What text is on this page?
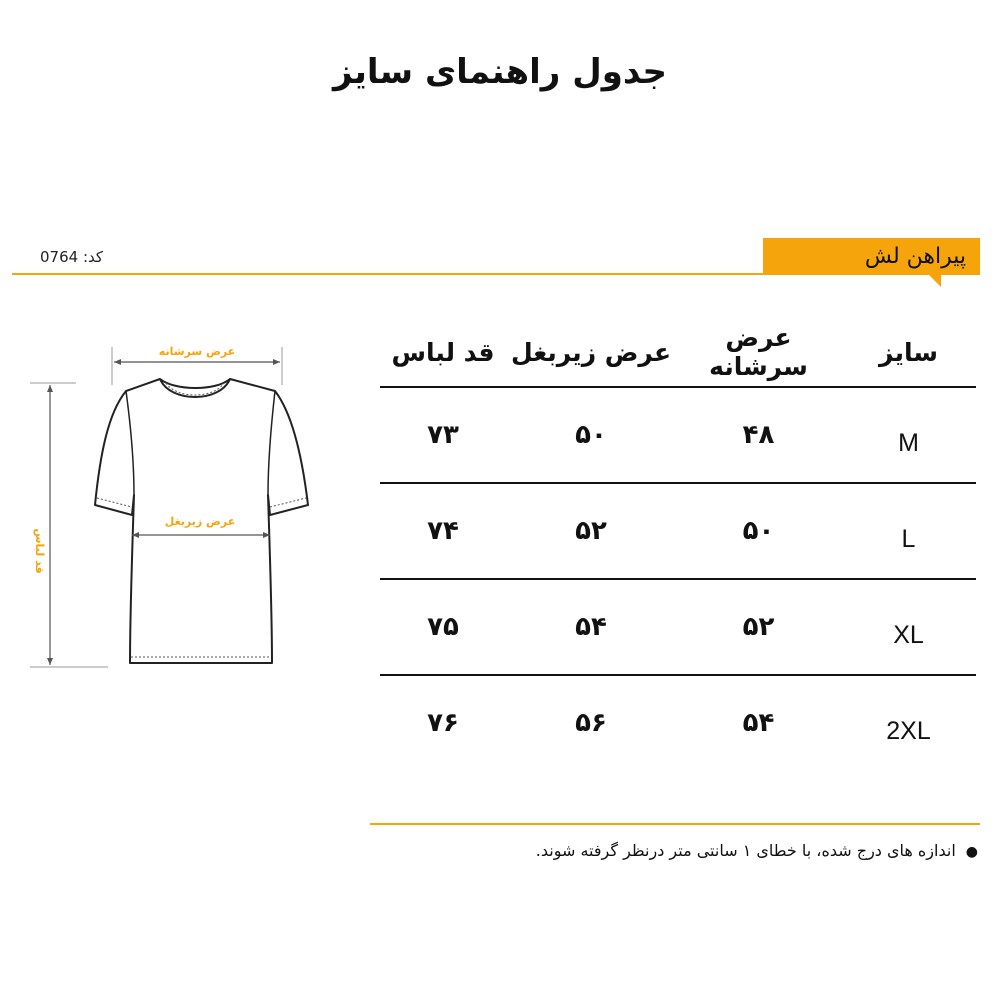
جدول راهنمای سایز
پیراهن لش
کد: 0764
عرض سرشانه
قد لباس
عرض زیربغل
سایز	عرض سرشانه	عرض زیربغل	قد لباس
M	۴۸	۵۰	۷۳
L	۵۰	۵۲	۷۴
XL	۵۲	۵۴	۷۵
2XL	۵۴	۵۶	۷۶
●اندازه های درج شده، با خطای ۱ سانتی متر درنظر گرفته شوند.
